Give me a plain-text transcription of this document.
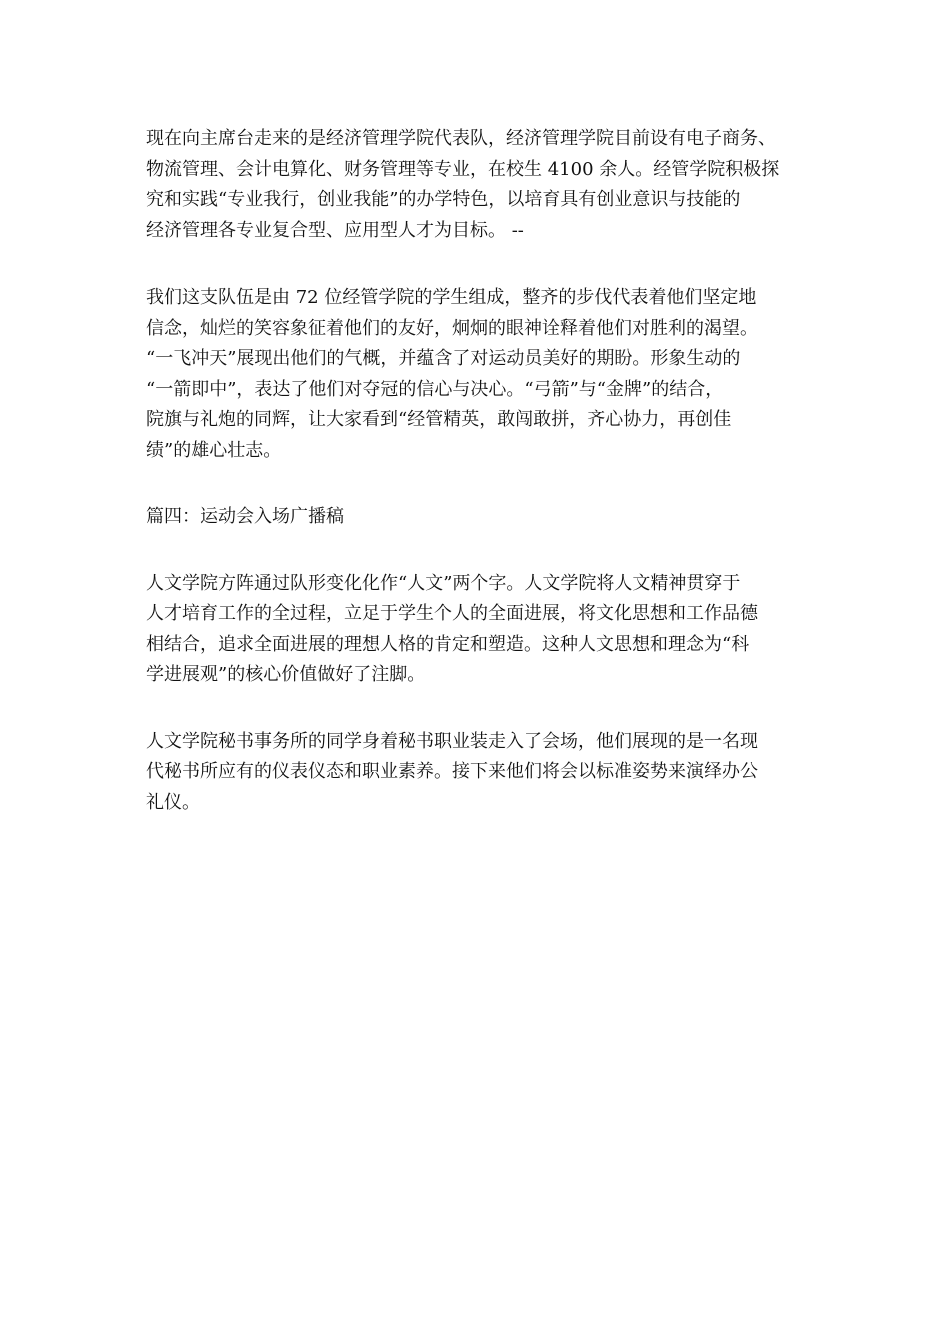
现在向主席台走来的是经济管理学院代表队，经济管理学院目前设有电子商务、
物流管理、会计电算化、财务管理等专业，在校生 4100 余人。经管学院积极探
究和实践“专业我行，创业我能”的办学特色，以培育具有创业意识与技能的
经济管理各专业复合型、应用型人才为目标。 --

我们这支队伍是由 72 位经管学院的学生组成，整齐的步伐代表着他们坚定地
信念，灿烂的笑容象征着他们的友好，炯炯的眼神诠释着他们对胜利的渴望。
“一飞冲天”展现出他们的气概，并蕴含了对运动员美好的期盼。形象生动的
“一箭即中”，表达了他们对夺冠的信心与决心。“弓箭”与“金牌”的结合，
院旗与礼炮的同辉，让大家看到“经管精英，敢闯敢拼，齐心协力，再创佳
绩”的雄心壮志。

篇四：运动会入场广播稿

人文学院方阵通过队形变化化作“人文”两个字。人文学院将人文精神贯穿于
人才培育工作的全过程，立足于学生个人的全面进展，将文化思想和工作品德
相结合，追求全面进展的理想人格的肯定和塑造。这种人文思想和理念为“科
学进展观”的核心价值做好了注脚。

人文学院秘书事务所的同学身着秘书职业装走入了会场，他们展现的是一名现
代秘书所应有的仪表仪态和职业素养。接下来他们将会以标准姿势来演绎办公
礼仪。
